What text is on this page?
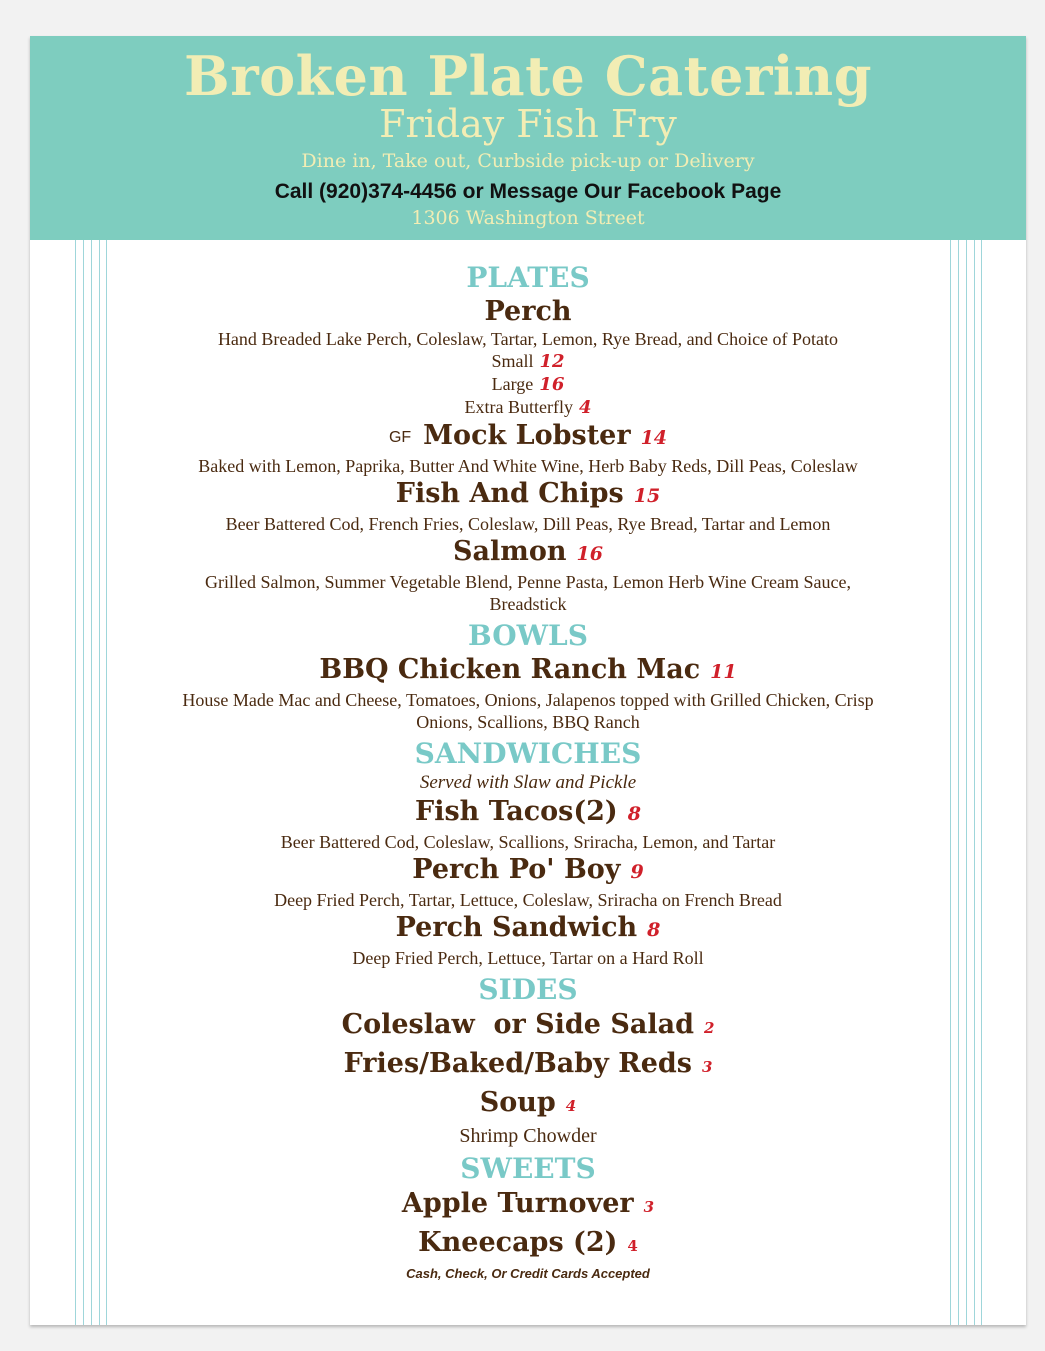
Broken Plate Catering
Friday Fish Fry
Dine in, Take out, Curbside pick-up or Delivery
Call (920)374-4456 or Message Our Facebook Page
1306 Washington Street
PLATES
Perch
Hand Breaded Lake Perch, Coleslaw, Tartar, Lemon, Rye Bread, and Choice of Potato
Small 12
Large 16
Extra Butterfly 4
GF Mock Lobster 14
Baked with Lemon, Paprika, Butter And White Wine, Herb Baby Reds, Dill Peas, Coleslaw
Fish And Chips 15
Beer Battered Cod, French Fries, Coleslaw, Dill Peas, Rye Bread, Tartar and Lemon
Salmon 16
Grilled Salmon, Summer Vegetable Blend, Penne Pasta, Lemon Herb Wine Cream Sauce,
Breadstick
BOWLS
BBQ Chicken Ranch Mac 11
House Made Mac and Cheese, Tomatoes, Onions, Jalapenos topped with Grilled Chicken, Crisp
Onions, Scallions, BBQ Ranch
SANDWICHES
Served with Slaw and Pickle
Fish Tacos(2) 8
Beer Battered Cod, Coleslaw, Scallions, Sriracha, Lemon, and Tartar
Perch Po' Boy 9
Deep Fried Perch, Tartar, Lettuce, Coleslaw, Sriracha on French Bread
Perch Sandwich 8
Deep Fried Perch, Lettuce, Tartar on a Hard Roll
SIDES
Coleslaw  or Side Salad 2
Fries/Baked/Baby Reds 3
Soup 4
Shrimp Chowder
SWEETS
Apple Turnover 3
Kneecaps (2) 4
Cash, Check, Or Credit Cards Accepted
